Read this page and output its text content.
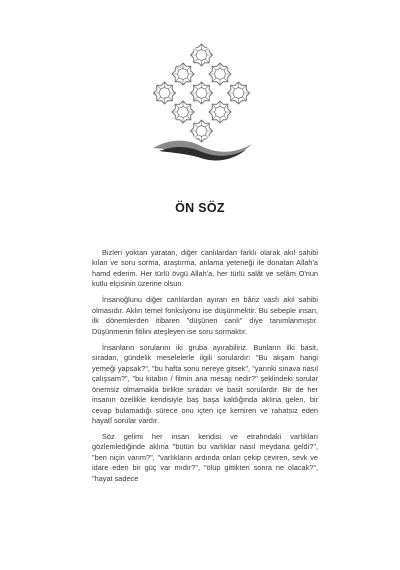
ÖN SÖZ

Bizleri yoktan yaratan, diğer canlılardan farklı olarak akıl sahibi kılan ve soru sorma, araştırma, anlama yeteneği ile donatan Allah'a hamd ederim. Her türlü övgü Allah'a, her türlü salât ve selâm O'nun kutlu elçisinin üzerine olsun.

İnsanoğlunu diğer canlılardan ayıran en bâriz vasfı akıl sahibi olmasıdır. Aklın temel fonksiyonu ise düşünmektir. Bu sebeple insan, ilk dönemlerden itibaren "düşünen canlı" diye tanımlanmıştır. Düşünmenin fitilini ateşleyen ise soru sormaktır.

İnsanların sorularını iki gruba ayırabiliriz. Bunların ilki basit, sıradan, gündelik meselelerle ilgili sorulardır: "Bu akşam hangi yemeği yapsak?", "bu hafta sonu nereye gitsek", "yarınki sınava nasıl çalışsam?", "bu kitabın / filmin ana mesajı nedir?" şeklindeki sorular önemsiz olmamakla birlikte sıradan ve basit sorulardır. Bir de her insanın özellikle kendisiyle baş başa kaldığında aklına gelen, bir cevap bulamadığı sürece onu içten içe kemiren ve rahatsız eden hayatî sorular vardır.

Söz gelimi her insan kendisi ve etrafındaki varlıkları gözlemlediğinde aklına "bütün bu varlıklar nasıl meydana geldi?", "ben niçin varım?", "varlıkların ardında onları çekip çeviren, sevk ve idare eden bir güç var mıdır?", "ölüp gittikten sonra ne olacak?", "hayat sadece
